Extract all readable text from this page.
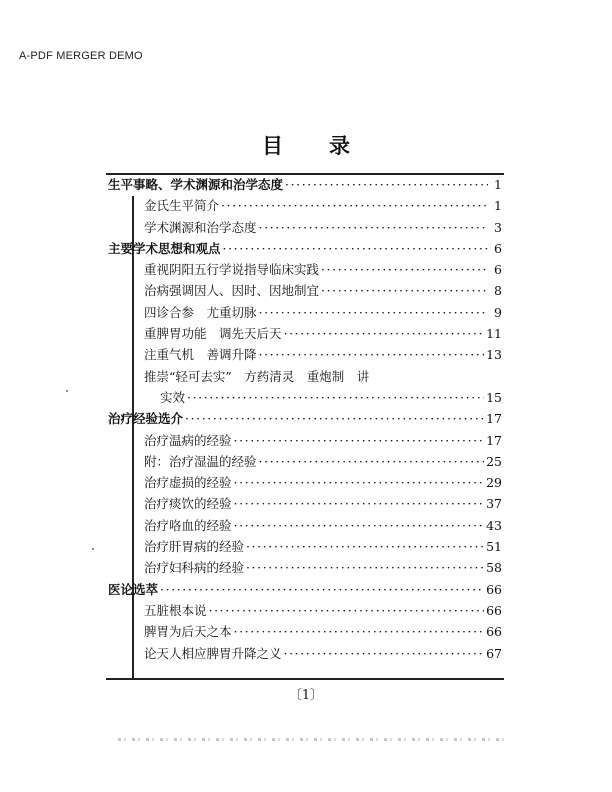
A-PDF MERGER DEMO
目 录
生平事略、学术渊源和治学态度 ·····	1
金氏生平简介 ·····	1
学术渊源和治学态度 ·····	3
主要学术思想和观点 ·····	6
重视阴阳五行学说指导临床实践 ·····	6
治病强调因人、因时、因地制宜 ·····	8
四诊合参　尤重切脉 ·····	9
重脾胃功能　调先天后天 ·····	11
注重气机　善调升降 ·····	13
推崇“轻可去实”　方药清灵　重炮制　讲
实效 ·····	15
治疗经验选介 ·····	17
治疗温病的经验 ·····	17
附：治疗湿温的经验 ·····	25
治疗虚损的经验 ·····	29
治疗痰饮的经验 ·····	37
治疗咯血的经验 ·····	43
治疗肝胃病的经验 ·····	51
治疗妇科病的经验 ·····	58
医论选萃 ·····	66
五脏根本说 ·····	66
脾胃为后天之本 ·····	66
论天人相应脾胃升降之义 ·····	67
〔1〕
